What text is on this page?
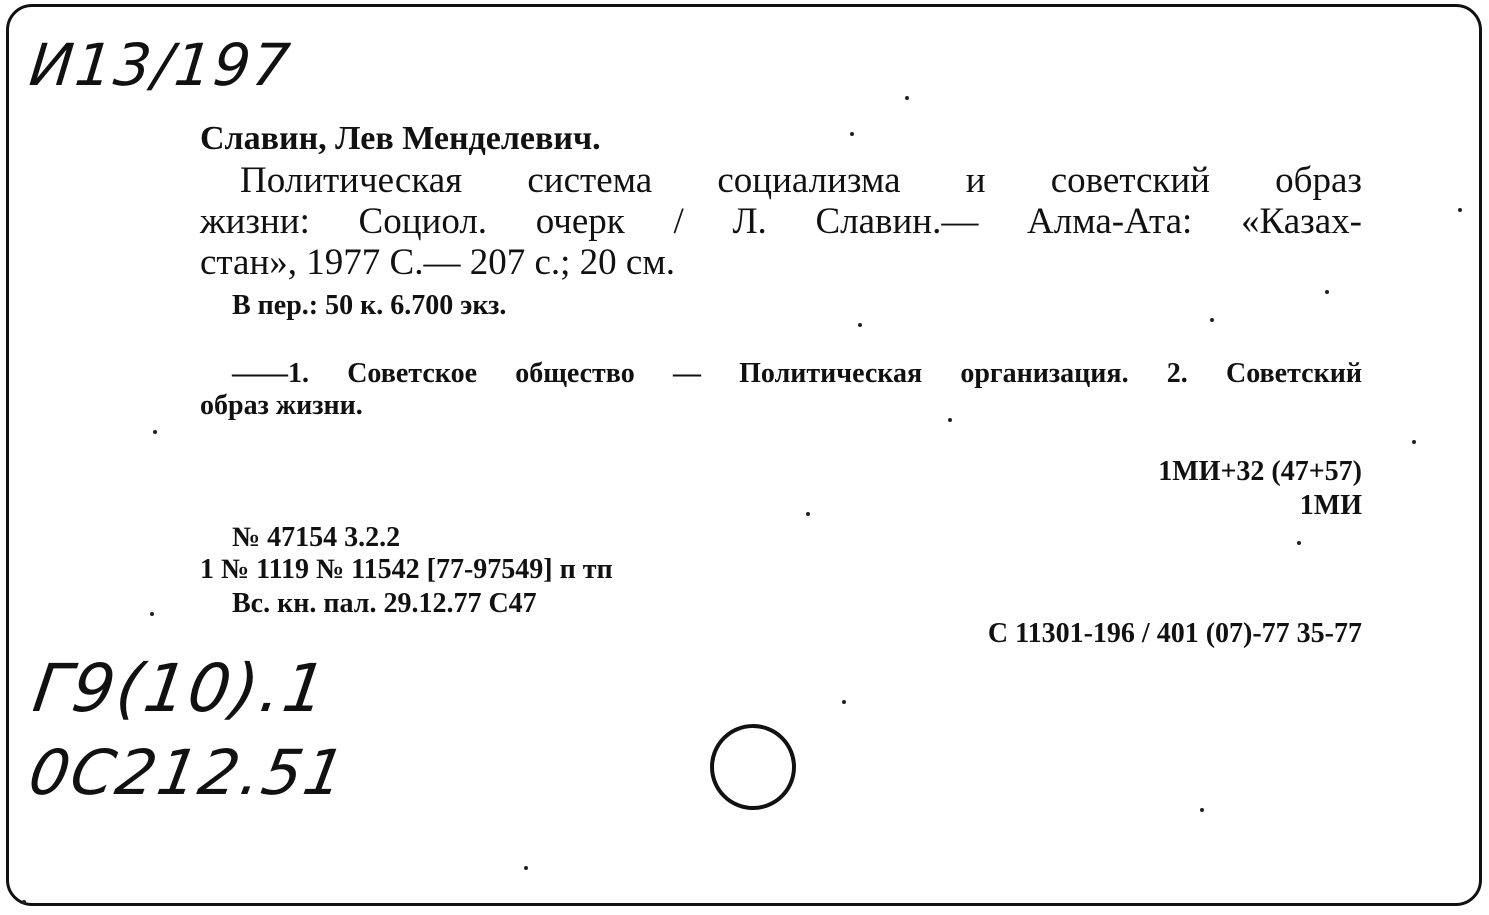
И13/197
Славин, Лев Менделевич.
Политическая система социализма и советский образ
жизни: Социол. очерк / Л. Славин.— Алма-Ата: «Казах-
стан», 1977 С.— 207 с.; 20 см.
В пер.: 50 к. 6.700 экз.
——1. Советское общество — Политическая организация. 2. Советский
образ жизни.
1МИ+32 (47+57)
1МИ
№ 47154 3.2.2
1 № 1119 № 11542 [77-97549] п тп
Вс. кн. пал. 29.12.77 С47
С 11301-196 / 401 (07)-77 35-77
Г9(10).1
0С212.51
